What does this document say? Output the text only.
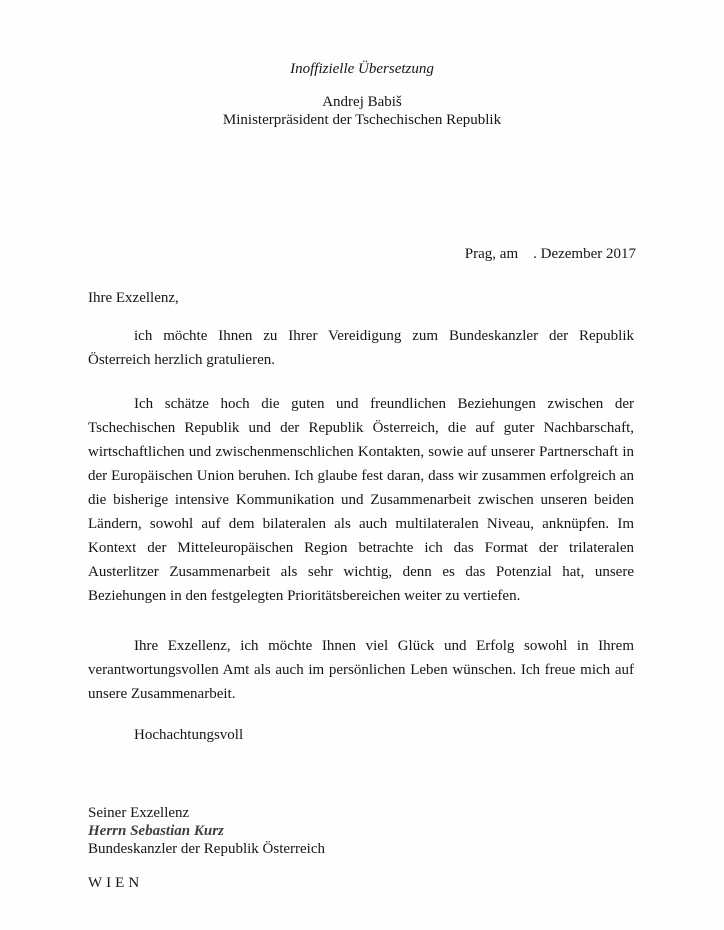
Inoffizielle Übersetzung
Andrej Babiš
Ministerpräsident der Tschechischen Republik
Prag, am    . Dezember 2017
Ihre Exzellenz,

ich möchte Ihnen zu Ihrer Vereidigung zum Bundeskanzler der Republik Österreich herzlich gratulieren.

Ich schätze hoch die guten und freundlichen Beziehungen zwischen der Tschechischen Republik und der Republik Österreich, die auf guter Nachbarschaft, wirtschaftlichen und zwischenmenschlichen Kontakten, sowie auf unserer Partnerschaft in der Europäischen Union beruhen. Ich glaube fest daran, dass wir zusammen erfolgreich an die bisherige intensive Kommunikation und Zusammenarbeit zwischen unseren beiden Ländern, sowohl auf dem bilateralen als auch multilateralen Niveau, anknüpfen. Im Kontext der Mitteleuropäischen Region betrachte ich das Format der trilateralen Austerlitzer Zusammenarbeit als sehr wichtig, denn es das Potenzial hat, unsere Beziehungen in den festgelegten Prioritätsbereichen weiter zu vertiefen.

Ihre Exzellenz, ich möchte Ihnen viel Glück und Erfolg sowohl in Ihrem verantwortungsvollen Amt als auch im persönlichen Leben wünschen. Ich freue mich auf unsere Zusammenarbeit.

Hochachtungsvoll
Seiner Exzellenz
Herrn Sebastian Kurz
Bundeskanzler der Republik Österreich
WIEN
